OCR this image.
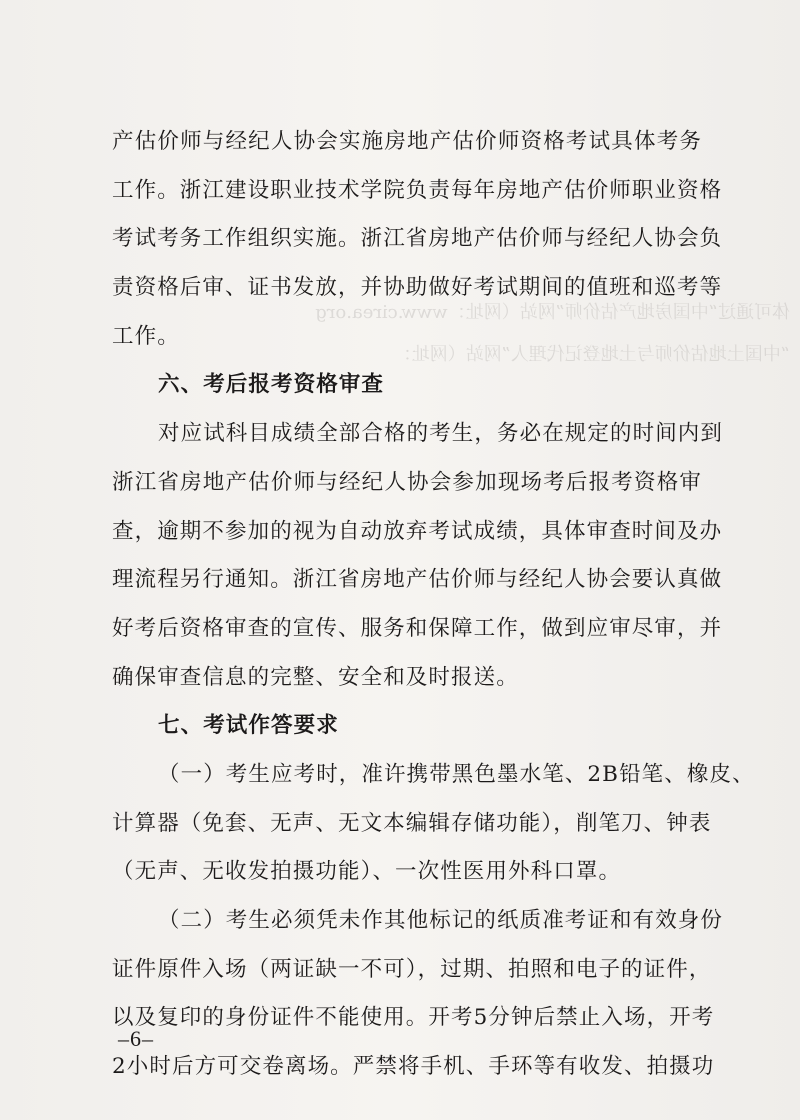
体可通过“中国房地产估价师”网站（网址：www.cirea.org
“中国土地估价师与土地登记代理人”网站（网址：
产估价师与经纪人协会实施房地产估价师资格考试具体考务
工作。浙江建设职业技术学院负责每年房地产估价师职业资格
考试考务工作组织实施。浙江省房地产估价师与经纪人协会负
责资格后审、证书发放，并协助做好考试期间的值班和巡考等
工作。
六、考后报考资格审查
对应试科目成绩全部合格的考生，务必在规定的时间内到
浙江省房地产估价师与经纪人协会参加现场考后报考资格审
查，逾期不参加的视为自动放弃考试成绩，具体审查时间及办
理流程另行通知。浙江省房地产估价师与经纪人协会要认真做
好考后资格审查的宣传、服务和保障工作，做到应审尽审，并
确保审查信息的完整、安全和及时报送。
七、考试作答要求
（一）考生应考时，准许携带黑色墨水笔、2B铅笔、橡皮、
计算器（免套、无声、无文本编辑存储功能），削笔刀、钟表
（无声、无收发拍摄功能）、一次性医用外科口罩。
（二）考生必须凭未作其他标记的纸质准考证和有效身份
证件原件入场（两证缺一不可），过期、拍照和电子的证件，
以及复印的身份证件不能使用。开考5分钟后禁止入场，开考
2小时后方可交卷离场。严禁将手机、手环等有收发、拍摄功
–6–
